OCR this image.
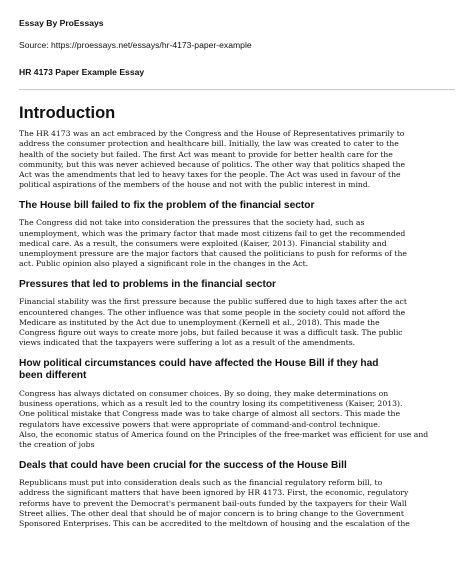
Essay By ProEssays

Source: https://proessays.net/essays/hr-4173-paper-example

HR 4173 Paper Example Essay

Introduction

The HR 4173 was an act embraced by the Congress and the House of Representatives primarily to
address the consumer protection and healthcare bill. Initially, the law was created to cater to the
health of the society but failed. The first Act was meant to provide for better health care for the
community, but this was never achieved because of politics. The other way that politics shaped the
Act was the amendments that led to heavy taxes for the people. The Act was used in favour of the
political aspirations of the members of the house and not with the public interest in mind.

The House bill failed to fix the problem of the financial sector

The Congress did not take into consideration the pressures that the society had, such as
unemployment, which was the primary factor that made most citizens fail to get the recommended
medical care. As a result, the consumers were exploited (Kaiser, 2013). Financial stability and
unemployment pressure are the major factors that caused the politicians to push for reforms of the
act. Public opinion also played a significant role in the changes in the Act.

Pressures that led to problems in the financial sector

Financial stability was the first pressure because the public suffered due to high taxes after the act
encountered changes. The other influence was that some people in the society could not afford the
Medicare as instituted by the Act due to unemployment (Kernell et al., 2018). This made the
Congress figure out ways to create more jobs, but failed because it was a difficult task. The public
views indicated that the taxpayers were suffering a lot as a result of the amendments.

How political circumstances could have affected the House Bill if they had
been different

Congress has always dictated on consumer choices. By so doing, they make determinations on
business operations, which as a result led to the country losing its competitiveness (Kaiser, 2013).
One political mistake that Congress made was to take charge of almost all sectors. This made the
regulators have excessive powers that were appropriate of command-and-control technique.
Also, the economic status of America found on the Principles of the free-market was efficient for use and
the creation of jobs

Deals that could have been crucial for the success of the House Bill

Republicans must put into consideration deals such as the financial regulatory reform bill, to
address the significant matters that have been ignored by HR 4173. First, the economic, regulatory
reforms have to prevent the Democrat's permanent bail-outs funded by the taxpayers for their Wall
Street allies. The other deal that should be of major concern is to bring change to the Government
Sponsored Enterprises. This can be accredited to the meltdown of housing and the escalation of the
